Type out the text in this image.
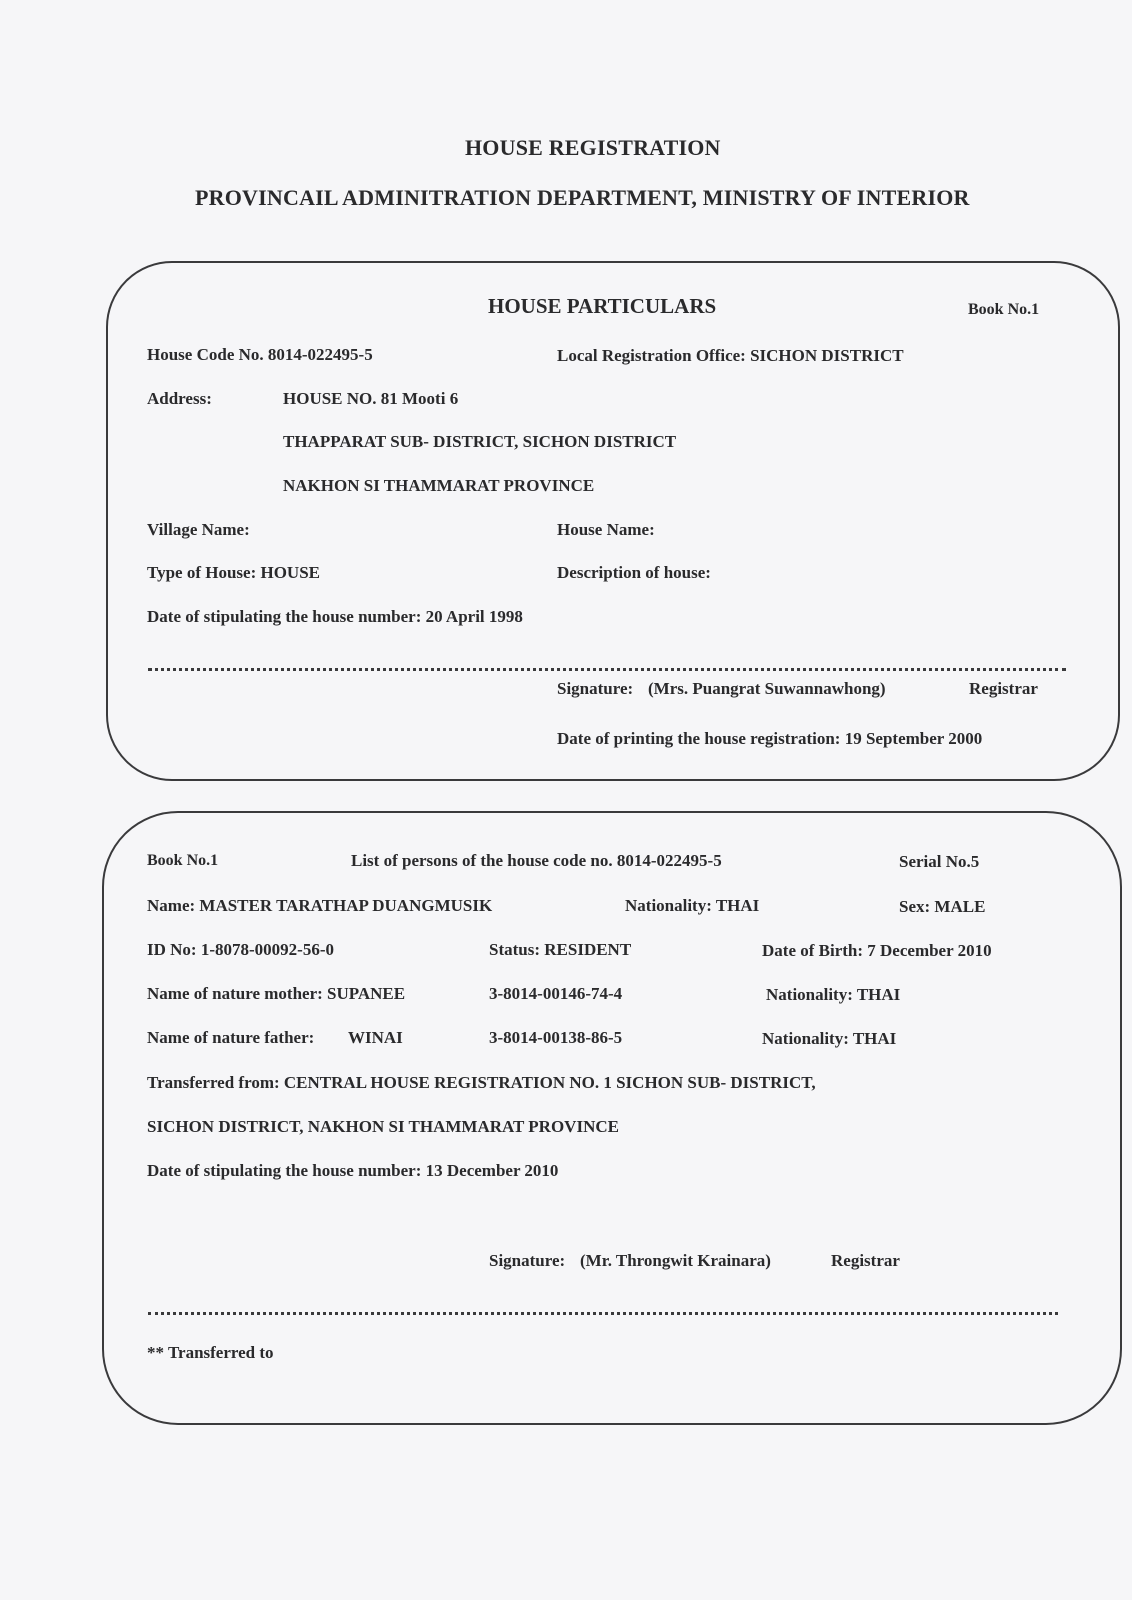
HOUSE REGISTRATION
PROVINCAIL ADMINITRATION DEPARTMENT, MINISTRY OF INTERIOR
HOUSE PARTICULARS	Book No.1
House Code No. 8014-022495-5	Local Registration Office: SICHON DISTRICT
Address:	HOUSE NO. 81 Mooti 6
THAPPARAT SUB- DISTRICT, SICHON DISTRICT
NAKHON SI THAMMARAT PROVINCE
Village Name:	House Name:
Type of House: HOUSE	Description of house:
Date of stipulating the house number: 20 April 1998
Signature: (Mrs. Puangrat Suwannawhong)	Registrar
Date of printing the house registration: 19 September 2000
Book No.1	List of persons of the house code no. 8014-022495-5	Serial No.5
Name: MASTER TARATHAP DUANGMUSIK	Nationality: THAI	Sex: MALE
ID No: 1-8078-00092-56-0	Status: RESIDENT	Date of Birth: 7 December 2010
Name of nature mother: SUPANEE	3-8014-00146-74-4	Nationality: THAI
Name of nature father: WINAI	3-8014-00138-86-5	Nationality: THAI
Transferred from: CENTRAL HOUSE REGISTRATION NO. 1 SICHON SUB- DISTRICT,
SICHON DISTRICT, NAKHON SI THAMMARAT PROVINCE
Date of stipulating the house number: 13 December 2010
Signature: (Mr. Throngwit Krainara)	Registrar
** Transferred to
